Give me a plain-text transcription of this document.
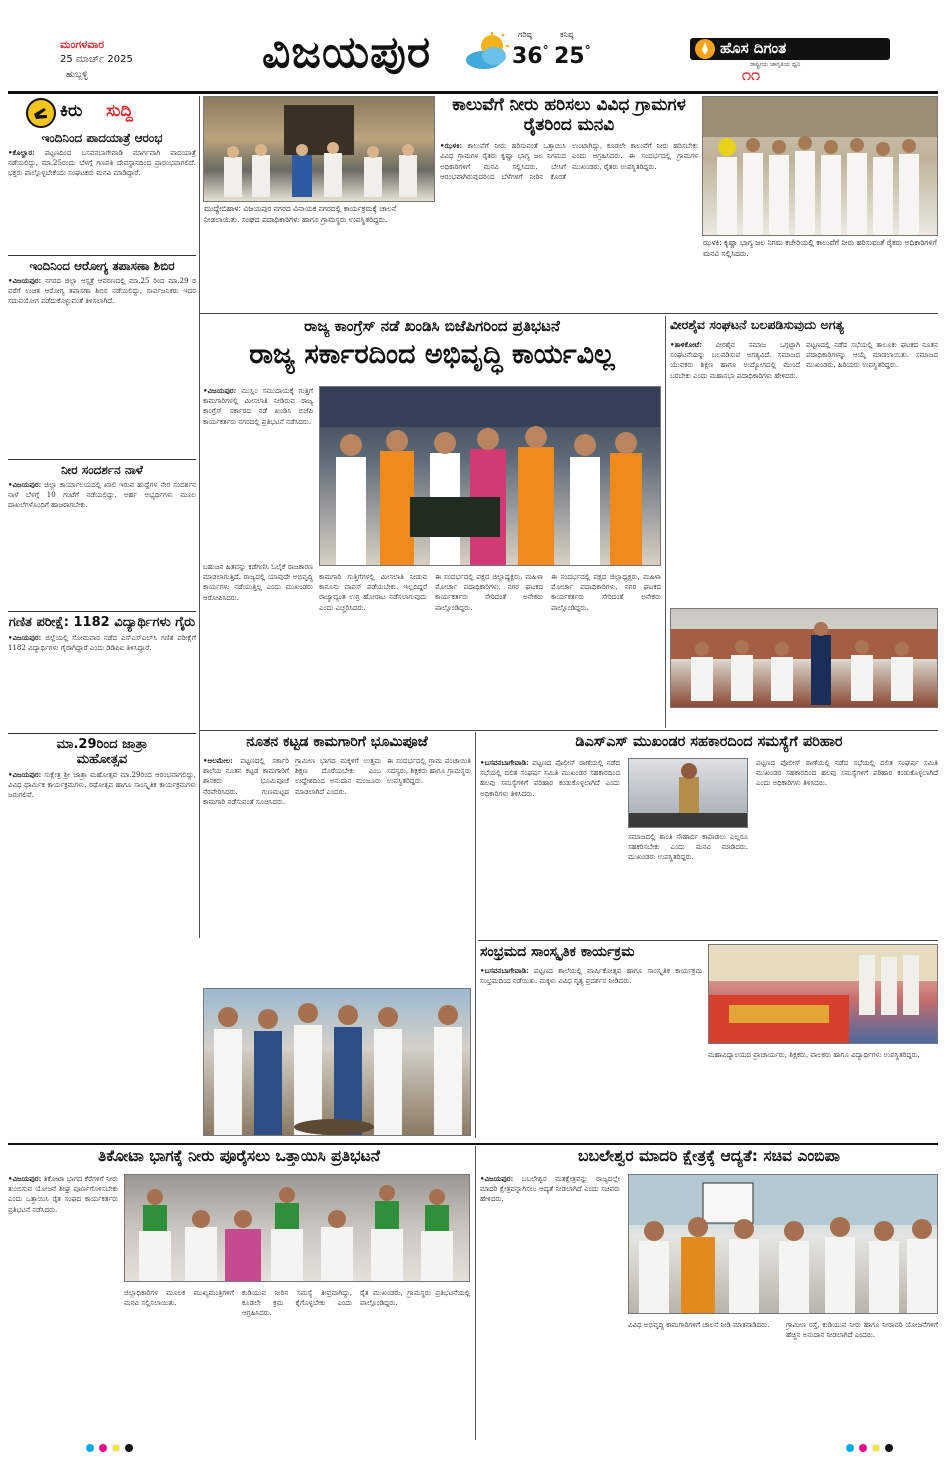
ಮಂಗಳವಾರ
25 ಮಾರ್ಚ್ 2025
ಹುಬ್ಬಳ್ಳಿ	ವಿಜಯಪುರ	ಗರಿಷ್ಠ
36°
ಕನಿಷ್ಠ
25°	ಹೊಸ ದಿಗಂತ
ರಾಷ್ಟ್ರೀಯ ಜಾಗೃತಿಯ ಧ್ವನಿ
೧೧
ಕಿರು ಸುದ್ದಿ
ಇಂದಿನಿಂದ ಪಾದಯಾತ್ರೆ ಆರಂಭ
•ಕೊಲ್ಹಾರ: ಪಟ್ಟಣದಿಂದ ಬಸವನಬಾಗೇವಾಡಿ ಮಾರ್ಗವಾಗಿ ಪಾದಯಾತ್ರೆ ನಡೆಯಲಿದ್ದು, ಮಾ.25ರಂದು ಬೆಳಗ್ಗೆ ಗಣಪತಿ ದೇವಸ್ಥಾನದಿಂದ ಪ್ರಾರಂಭವಾಗಲಿದೆ. ಭಕ್ತರು ಪಾಲ್ಗೊಳ್ಳಬೇಕೆಂದು ಸಂಘಟಕರು ಮನವಿ ಮಾಡಿದ್ದಾರೆ.
ಇಂದಿನಿಂದ ಆರೋಗ್ಯ ತಪಾಸಣಾ ಶಿಬಿರ
•ವಿಜಯಪುರ: ನಗರದ ಜಿಲ್ಲಾ ಆಸ್ಪತ್ರೆ ಆವರಣದಲ್ಲಿ ಮಾ.25 ರಿಂದ ಮಾ.29 ರ ವರೆಗೆ ಉಚಿತ ಆರೋಗ್ಯ ತಪಾಸಣಾ ಶಿಬಿರ ನಡೆಯಲಿದ್ದು, ಸಾರ್ವಜನಿಕರು ಇದರ ಸದುಪಯೋಗ ಪಡೆದುಕೊಳ್ಳುವಂತೆ ತಿಳಿಸಲಾಗಿದೆ.
ನೀರ ಸಂದರ್ಶನ ನಾಳೆ
•ವಿಜಯಪುರ: ಜಿಲ್ಲಾ ಕಾರ್ಯಾಲಯದಲ್ಲಿ ಖಾಲಿ ಇರುವ ಹುದ್ದೆಗಳ ನೇರ ಸಂದರ್ಶನ ನಾಳೆ ಬೆಳಗ್ಗೆ 10 ಗಂಟೆಗೆ ನಡೆಯಲಿದ್ದು, ಅರ್ಹ ಅಭ್ಯರ್ಥಿಗಳು ಮೂಲ ದಾಖಲೆಗಳೊಂದಿಗೆ ಹಾಜರಾಗಬೇಕು.
ಗಣಿತ ಪರೀಕ್ಷೆ: 1182 ವಿದ್ಯಾರ್ಥಿಗಳು ಗೈರು
•ವಿಜಯಪುರ: ಜಿಲ್ಲೆಯಲ್ಲಿ ಸೋಮವಾರ ನಡೆದ ಎಸ್‌ಎಸ್‌ಎಲ್‌ಸಿ ಗಣಿತ ಪರೀಕ್ಷೆಗೆ 1182 ವಿದ್ಯಾರ್ಥಿಗಳು ಗೈರಾಗಿದ್ದಾರೆ ಎಂದು ಡಿಡಿಪಿಐ ತಿಳಿಸಿದ್ದಾರೆ.
ಮಾ.29ರಿಂದ ಜಾತ್ರಾ ಮಹೋತ್ಸವ
•ವಿಜಯಪುರ: ಸುಕ್ಷೇತ್ರ ಶ್ರೀ ಜಾತ್ರಾ ಮಹೋತ್ಸವ ಮಾ.29ರಿಂದ ಆರಂಭವಾಗಲಿದ್ದು, ವಿವಿಧ ಧಾರ್ಮಿಕ ಕಾರ್ಯಕ್ರಮಗಳು, ರಥೋತ್ಸವ ಹಾಗೂ ಸಾಂಸ್ಕೃತಿಕ ಕಾರ್ಯಕ್ರಮಗಳು ಜರುಗಲಿವೆ.
ಮುದ್ದೇಬಿಹಾಳ: ವಿಜಯಪುರ ನಗರದ ವಿನಾಯಕ ನಗರದಲ್ಲಿ ಕಾರ್ಯಕ್ರಮಕ್ಕೆ ಚಾಲನೆ ನೀಡಲಾಯಿತು. ಸಂಘದ ಪದಾಧಿಕಾರಿಗಳು ಹಾಗೂ ಗ್ರಾಮಸ್ಥರು ಉಪಸ್ಥಿತರಿದ್ದರು.
ಕಾಲುವೆಗೆ ನೀರು ಹರಿಸಲು ವಿವಿಧ ಗ್ರಾಮಗಳ ರೈತರಿಂದ ಮನವಿ
•ಝಳಕಿ: ಕಾಲುವೆಗೆ ನೀರು ಹರಿಸುವಂತೆ ಒತ್ತಾಯಿಸಿ ವಿವಿಧ ಗ್ರಾಮಗಳ ರೈತರು ಕೃಷ್ಣಾ ಭಾಗ್ಯ ಜಲ ನಿಗಮದ ಅಧಿಕಾರಿಗಳಿಗೆ ಮನವಿ ಸಲ್ಲಿಸಿದರು. ಬೇಸಿಗೆ ಆರಂಭವಾಗಿರುವುದರಿಂದ ಬೆಳೆಗಳಿಗೆ ನೀರಿನ ಕೊರತೆ ಉಂಟಾಗಿದ್ದು, ಕೂಡಲೇ ಕಾಲುವೆಗೆ ನೀರು ಹರಿಸಬೇಕು ಎಂದು ಆಗ್ರಹಿಸಿದರು. ಈ ಸಂದರ್ಭದಲ್ಲಿ ಗ್ರಾಮಗಳ ಮುಖಂಡರು, ರೈತರು ಉಪಸ್ಥಿತರಿದ್ದರು.
ಝಳಕಿ: ಕೃಷ್ಣಾ ಭಾಗ್ಯ ಜಲ ನಿಗಮ ಕಚೇರಿಯಲ್ಲಿ ಕಾಲುವೆಗೆ ನೀರು ಹರಿಸುವಂತೆ ರೈತರು ಅಧಿಕಾರಿಗಳಿಗೆ ಮನವಿ ಸಲ್ಲಿಸಿದರು.
ರಾಜ್ಯ ಕಾಂಗ್ರೆಸ್ ನಡೆ ಖಂಡಿಸಿ ಬಿಜೆಪಿಗರಿಂದ ಪ್ರತಿಭಟನೆ
ರಾಜ್ಯ ಸರ್ಕಾರದಿಂದ ಅಭಿವೃದ್ಧಿ ಕಾರ್ಯವಿಲ್ಲ
•ವಿಜಯಪುರ: ಮುಸ್ಲಿಂ ಸಮುದಾಯಕ್ಕೆ ಗುತ್ತಿಗೆ ಕಾಮಗಾರಿಗಳಲ್ಲಿ ಮೀಸಲಾತಿ ನೀಡಿರುವ ರಾಜ್ಯ ಕಾಂಗ್ರೆಸ್ ಸರ್ಕಾರದ ನಡೆ ಖಂಡಿಸಿ ಬಿಜೆಪಿ ಕಾರ್ಯಕರ್ತರು ನಗರದಲ್ಲಿ ಪ್ರತಿಭಟನೆ ನಡೆಸಿದರು.
ಬಹುಜನ ಹಿತವನ್ನು ಕಡೆಗಣಿಸಿ ಓಲೈಕೆ ರಾಜಕಾರಣ ಮಾಡಲಾಗುತ್ತಿದೆ. ರಾಜ್ಯದಲ್ಲಿ ಯಾವುದೇ ಅಭಿವೃದ್ಧಿ ಕಾರ್ಯಗಳು ನಡೆಯುತ್ತಿಲ್ಲ ಎಂದು ಮುಖಂಡರು ಆರೋಪಿಸಿದರು.
ಕಾಮಗಾರಿ ಗುತ್ತಿಗೆಗಳಲ್ಲಿ ಮೀಸಲಾತಿ ನೀಡುವ ಕಾನೂನು ವಾಪಸ್ ಪಡೆಯಬೇಕು. ಇಲ್ಲದಿದ್ದರೆ ರಾಜ್ಯಾದ್ಯಂತ ಉಗ್ರ ಹೋರಾಟ ನಡೆಸಲಾಗುವುದು ಎಂದು ಎಚ್ಚರಿಸಿದರು.
ಈ ಸಂದರ್ಭದಲ್ಲಿ ಪಕ್ಷದ ಜಿಲ್ಲಾಧ್ಯಕ್ಷರು, ಮಹಿಳಾ ಮೋರ್ಚಾ ಪದಾಧಿಕಾರಿಗಳು, ನಗರ ಘಟಕದ ಕಾರ್ಯಕರ್ತರು ಸೇರಿದಂತೆ ಅನೇಕರು ಪಾಲ್ಗೊಂಡಿದ್ದರು.
ಈ ಸಂದರ್ಭದಲ್ಲಿ ಪಕ್ಷದ ಜಿಲ್ಲಾಧ್ಯಕ್ಷರು, ಮಹಿಳಾ ಮೋರ್ಚಾ ಪದಾಧಿಕಾರಿಗಳು, ನಗರ ಘಟಕದ ಕಾರ್ಯಕರ್ತರು ಸೇರಿದಂತೆ ಅನೇಕರು ಪಾಲ್ಗೊಂಡಿದ್ದರು.
ವೀರಶೈವ ಸಂಘಟನೆ ಬಲಪಡಿಸುವುದು ಅಗತ್ಯ
•ತಾಳಿಕೋಟೆ: ವೀರಶೈವ ಸಮಾಜ ಒಗ್ಗಟ್ಟಾಗಿ ಸಂಘಟನೆಯನ್ನು ಬಲಪಡಿಸುವ ಅಗತ್ಯವಿದೆ. ಸಮಾಜದ ಯುವಕರು ಶಿಕ್ಷಣ ಹಾಗೂ ಉದ್ಯೋಗದಲ್ಲಿ ಮುಂದೆ ಬರಬೇಕು ಎಂದು ಮಹಾಸಭಾ ಪದಾಧಿಕಾರಿಗಳು ಹೇಳಿದರು.
ಪಟ್ಟಣದಲ್ಲಿ ನಡೆದ ಸಭೆಯಲ್ಲಿ ತಾಲೂಕು ಘಟಕದ ನೂತನ ಪದಾಧಿಕಾರಿಗಳನ್ನು ಆಯ್ಕೆ ಮಾಡಲಾಯಿತು. ಸಮಾಜದ ಮುಖಂಡರು, ಹಿರಿಯರು ಉಪಸ್ಥಿತರಿದ್ದರು.
ನೂತನ ಕಟ್ಟಡ ಕಾಮಗಾರಿಗೆ ಭೂಮಿಪೂಜೆ
•ಆಲಮೇಲ: ಪಟ್ಟಣದಲ್ಲಿ ಸರ್ಕಾರಿ ಶಾಲೆಯ ನೂತನ ಕಟ್ಟಡ ಕಾಮಗಾರಿಗೆ ಶಾಸಕರು ಭೂಮಿಪೂಜೆ ನೆರವೇರಿಸಿದರು. ಗುಣಮಟ್ಟದ ಕಾಮಗಾರಿ ನಡೆಸುವಂತೆ ಸೂಚಿಸಿದರು.
ಗ್ರಾಮೀಣ ಭಾಗದ ಮಕ್ಕಳಿಗೆ ಉತ್ತಮ ಶಿಕ್ಷಣ ದೊರೆಯಬೇಕು ಎಂಬ ಉದ್ದೇಶದಿಂದ ಅನುದಾನ ಮಂಜೂರು ಮಾಡಲಾಗಿದೆ ಎಂದರು.
ಈ ಸಂದರ್ಭದಲ್ಲಿ ಗ್ರಾಮ ಪಂಚಾಯಿತಿ ಸದಸ್ಯರು, ಶಿಕ್ಷಕರು ಹಾಗೂ ಗ್ರಾಮಸ್ಥರು ಉಪಸ್ಥಿತರಿದ್ದರು.
ಡಿಎಸ್‌ಎಸ್ ಮುಖಂಡರ ಸಹಕಾರದಿಂದ ಸಮಸ್ಯೆಗೆ ಪರಿಹಾರ
•ಬಸವನಬಾಗೇವಾಡಿ: ಪಟ್ಟಣದ ಪೊಲೀಸ್ ಠಾಣೆಯಲ್ಲಿ ನಡೆದ ಸಭೆಯಲ್ಲಿ ದಲಿತ ಸಂಘರ್ಷ ಸಮಿತಿ ಮುಖಂಡರ ಸಹಕಾರದಿಂದ ಹಲವು ಸಮಸ್ಯೆಗಳಿಗೆ ಪರಿಹಾರ ಕಂಡುಕೊಳ್ಳಲಾಗಿದೆ ಎಂದು ಅಧಿಕಾರಿಗಳು ತಿಳಿಸಿದರು.
ಸಮಾಜದಲ್ಲಿ ಶಾಂತಿ ಸೌಹಾರ್ದ ಕಾಪಾಡಲು ಎಲ್ಲರೂ ಸಹಕರಿಸಬೇಕು ಎಂದು ಮನವಿ ಮಾಡಿದರು. ಮುಖಂಡರು ಉಪಸ್ಥಿತರಿದ್ದರು.
ಪಟ್ಟಣದ ಪೊಲೀಸ್ ಠಾಣೆಯಲ್ಲಿ ನಡೆದ ಸಭೆಯಲ್ಲಿ ದಲಿತ ಸಂಘರ್ಷ ಸಮಿತಿ ಮುಖಂಡರ ಸಹಕಾರದಿಂದ ಹಲವು ಸಮಸ್ಯೆಗಳಿಗೆ ಪರಿಹಾರ ಕಂಡುಕೊಳ್ಳಲಾಗಿದೆ ಎಂದು ಅಧಿಕಾರಿಗಳು ತಿಳಿಸಿದರು.
ಸಂಭ್ರಮದ ಸಾಂಸ್ಕೃತಿಕ ಕಾರ್ಯಕ್ರಮ
•ಬಸವನಬಾಗೇವಾಡಿ: ಪಟ್ಟಣದ ಶಾಲೆಯಲ್ಲಿ ವಾರ್ಷಿಕೋತ್ಸವ ಹಾಗೂ ಸಾಂಸ್ಕೃತಿಕ ಕಾರ್ಯಕ್ರಮ ಸಂಭ್ರಮದಿಂದ ನಡೆಯಿತು. ಮಕ್ಕಳು ವಿವಿಧ ನೃತ್ಯ ಪ್ರದರ್ಶನ ನೀಡಿದರು.
ಮಹಾವಿದ್ಯಾಲಯದ ಪ್ರಾಚಾರ್ಯರು, ಶಿಕ್ಷಕರು, ಪಾಲಕರು ಹಾಗೂ ವಿದ್ಯಾರ್ಥಿಗಳು ಉಪಸ್ಥಿತರಿದ್ದರು.
ತಿಕೋಟಾ ಭಾಗಕ್ಕೆ ನೀರು ಪೂರೈಸಲು ಒತ್ತಾಯಿಸಿ ಪ್ರತಿಭಟನೆ
•ವಿಜಯಪುರ: ತಿಕೋಟಾ ಭಾಗದ ಕೆರೆಗಳಿಗೆ ನೀರು ತುಂಬಿಸುವ ಯೋಜನೆ ಶೀಘ್ರ ಪೂರ್ಣಗೊಳಿಸಬೇಕು ಎಂದು ಒತ್ತಾಯಿಸಿ ರೈತ ಸಂಘದ ಕಾರ್ಯಕರ್ತರು ಪ್ರತಿಭಟನೆ ನಡೆಸಿದರು.
ಜಿಲ್ಲಾಧಿಕಾರಿಗಳ ಮೂಲಕ ಮುಖ್ಯಮಂತ್ರಿಗಳಿಗೆ ಮನವಿ ಸಲ್ಲಿಸಲಾಯಿತು.
ಕುಡಿಯುವ ನೀರಿನ ಸಮಸ್ಯೆ ತೀವ್ರವಾಗಿದ್ದು, ಕೂಡಲೇ ಕ್ರಮ ಕೈಗೊಳ್ಳಬೇಕು ಎಂದು ಆಗ್ರಹಿಸಿದರು.
ರೈತ ಮುಖಂಡರು, ಗ್ರಾಮಸ್ಥರು ಪ್ರತಿಭಟನೆಯಲ್ಲಿ ಪಾಲ್ಗೊಂಡಿದ್ದರು.
ಬಬಲೇಶ್ವರ ಮಾದರಿ ಕ್ಷೇತ್ರಕ್ಕೆ ಆದ್ಯತೆ: ಸಚಿವ ಎಂಬಿಪಾ
•ವಿಜಯಪುರ: ಬಬಲೇಶ್ವರ ಮತಕ್ಷೇತ್ರವನ್ನು ರಾಜ್ಯದಲ್ಲೇ ಮಾದರಿ ಕ್ಷೇತ್ರವನ್ನಾಗಿಸಲು ಆದ್ಯತೆ ನೀಡಲಾಗಿದೆ ಎಂದು ಸಚಿವರು ಹೇಳಿದರು.
ವಿವಿಧ ಅಭಿವೃದ್ಧಿ ಕಾಮಗಾರಿಗಳಿಗೆ ಚಾಲನೆ ನೀಡಿ ಮಾತನಾಡಿದರು.	ಗ್ರಾಮೀಣ ರಸ್ತೆ, ಕುಡಿಯುವ ನೀರು ಹಾಗೂ ನೀರಾವರಿ ಯೋಜನೆಗಳಿಗೆ ಹೆಚ್ಚಿನ ಅನುದಾನ ನೀಡಲಾಗಿದೆ ಎಂದರು.
